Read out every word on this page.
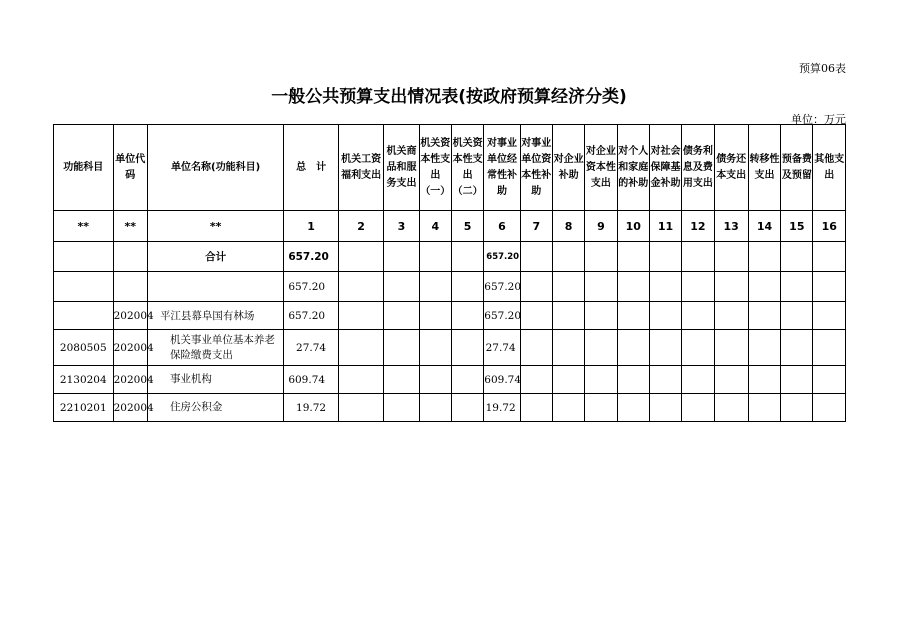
预算06表
一般公共预算支出情况表(按政府预算经济分类)
单位：万元
功能科目	单位代码	单位名称(功能科目)	总　计	机关工资福利支出	机关商品和服务支出	机关资本性支出（一）	机关资本性支出（二）	对事业单位经常性补助	对事业单位资本性补助	对企业补助	对企业资本性支出	对个人和家庭的补助	对社会保障基金补助	债务利息及费用支出	债务还本支出	转移性支出	预备费及预留	其他支出
**	**	**	1	2	3	4	5	6	7	8	9	10	11	12	13	14	15	16
		合计	657.20					657.20										
			657.20					657.20										
	202004	平江县幕阜国有林场	657.20					657.20										
2080505	202004	机关事业单位基本养老保险缴费支出	27.74					27.74										
2130204	202004	事业机构	609.74					609.74										
2210201	202004	住房公积金	19.72					19.72										
